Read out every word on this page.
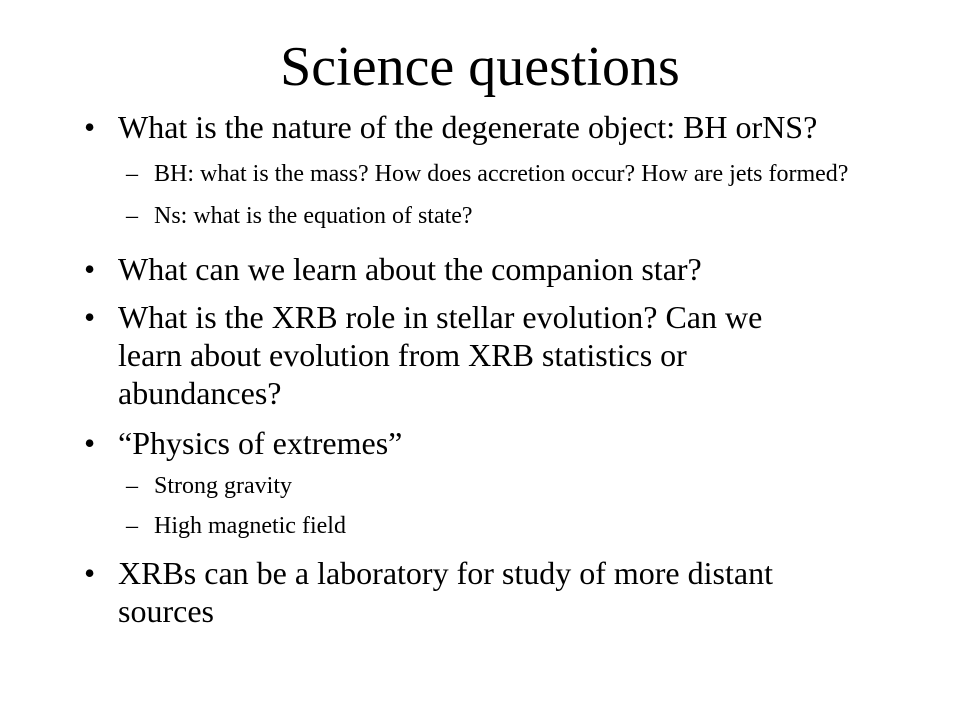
Science questions
• What is the nature of the degenerate object: BH orNS?
– BH: what is the mass? How does accretion occur? How are jets formed?
– Ns: what is the equation of state?
• What can we learn about the companion star?
• What is the XRB role in stellar evolution? Can we learn about evolution from XRB statistics or abundances?
• “Physics of extremes”
– Strong gravity
– High magnetic field
• XRBs can be a laboratory for study of more distant sources
